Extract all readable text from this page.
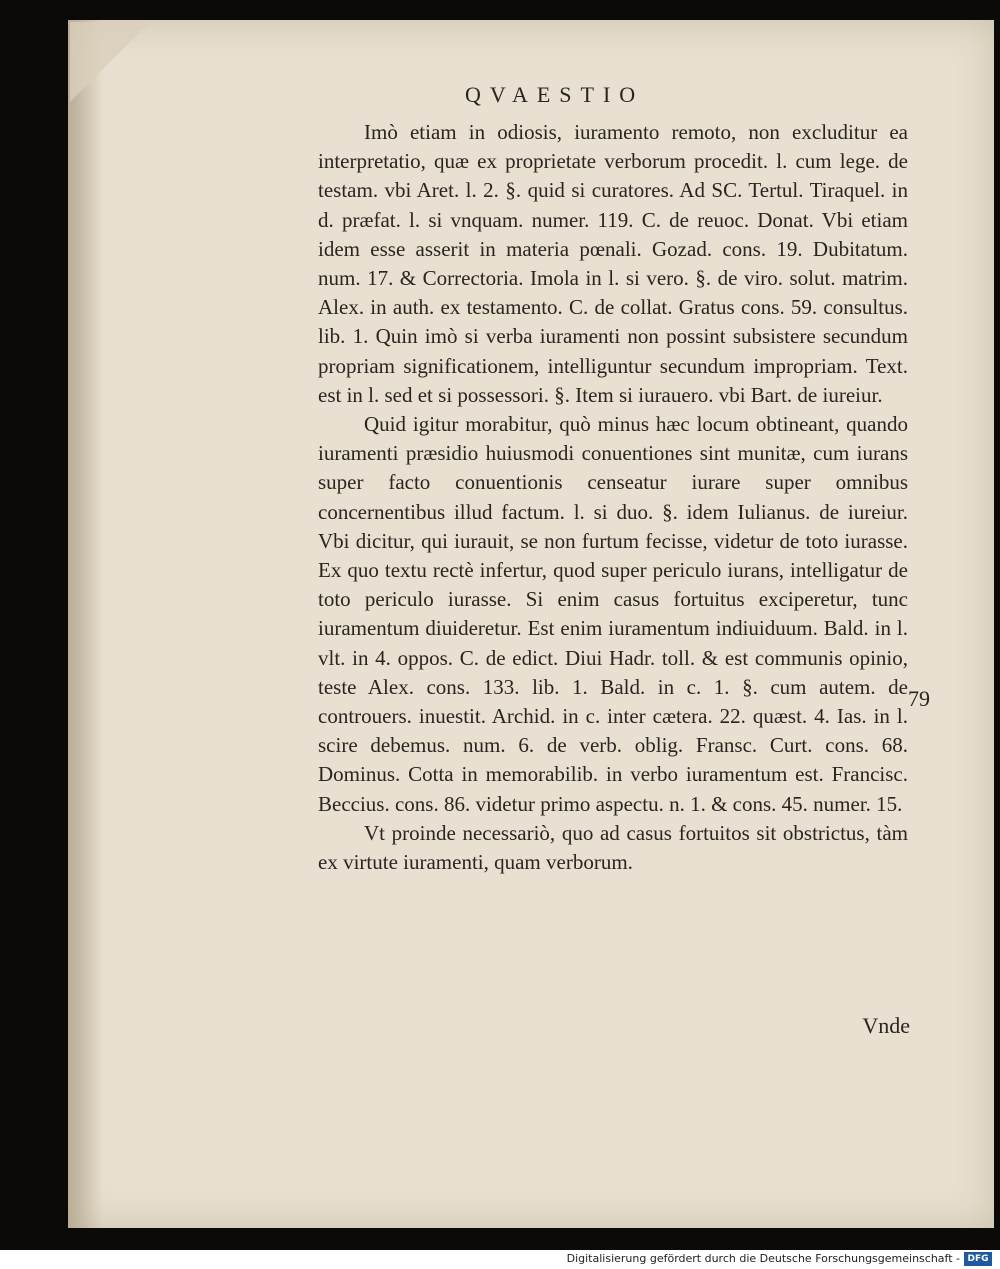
QVAESTIO

Imò etiam in odiosis, iuramento remoto, non excluditur ea interpretatio, quæ ex proprietate verborum procedit. l. cum lege. de testam. vbi Aret. l. 2. §. quid si curatores. Ad SC. Tertul. Tiraquel. in d. præfat. l. si vnquam. numer. 119. C. de reuoc. Donat. Vbi etiam idem esse asserit in materia pœnali. Gozad. cons. 19. Dubitatum. num. 17. & Correctoria. Imola in l. si vero. §. de viro. solut. matrim. Alex. in auth. ex testamento. C. de collat. Gratus cons. 59. consultus. lib. 1. Quin imò si verba iuramenti non possint subsistere secundum propriam significationem, intelliguntur secundum impropriam. Text. est in l. sed et si possessori. §. Item si iurauero. vbi Bart. de iureiur.

Quid igitur morabitur, quò minus hæc locum obtineant, quando iuramenti præsidio huiusmodi conuentiones sint munitæ, cum iurans super facto conuentionis censeatur iurare super omnibus concernentibus illud factum. l. si duo. §. idem Iulianus. de iureiur. Vbi dicitur, qui iurauit, se non furtum fecisse, videtur de toto iurasse. Ex quo textu rectè infertur, quod super periculo iurans, intelligatur de toto periculo iurasse. Si enim casus fortuitus exciperetur, tunc iuramentum diuideretur. Est enim iuramentum indiuiduum. Bald. in l. vlt. in 4. oppos. C. de edict. Diui Hadr. toll. & est communis opinio, teste Alex. cons. 133. lib. 1. Bald. in c. 1. §. cum autem. de controuers. inuestit. Archid. in c. inter cætera. 22. quæst. 4. Ias. in l. scire debemus. num. 6. de verb. oblig. Fransc. Curt. cons. 68. Dominus. Cotta in memorabilib. in verbo iuramentum est. Francisc. Beccius. cons. 86. videtur primo aspectu. n. 1. & cons. 45. numer. 15.

Vt proinde necessariò, quo ad casus fortuitos sit obstrictus, tàm ex virtute iuramenti, quam verborum.

79
Vnde
Digitalisierung gefördert durch die Deutsche Forschungsgemeinschaft - DFG
